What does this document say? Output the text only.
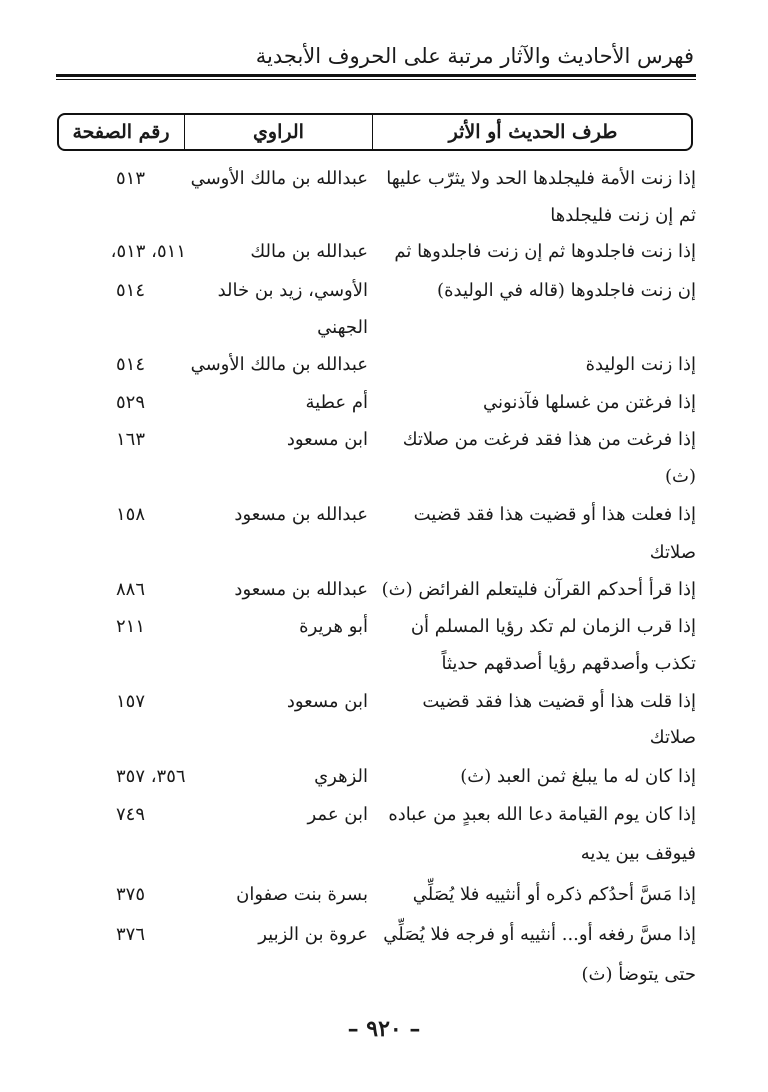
فهرس الأحاديث والآثار مرتبة على الحروف الأبجدية
طرف الحديث أو الأثر
الراوي
رقم الصفحة
إذا زنت الأمة فليجلدها الحد ولا يثرّب عليها
ثم إن زنت فليجلدها
عبدالله بن مالك الأوسي
٥١٣
إذا زنت فاجلدوها ثم إن زنت فاجلدوها ثم
إن زنت فاجلدوها (قاله في الوليدة)
عبدالله بن مالك
الأوسي، زيد بن خالد
الجهني
٥١١، ٥١٣،
٥١٤
إذا زنت الوليدة
عبدالله بن مالك الأوسي
٥١٤
إذا فرغتن من غسلها فآذنوني
أم عطية
٥٢٩
إذا فرغت من هذا فقد فرغت من صلاتك
(ث)
ابن مسعود
١٦٣
إذا فعلت هذا أو قضيت هذا فقد قضيت
صلاتك
عبدالله بن مسعود
١٥٨
إذا قرأ أحدكم القرآن فليتعلم الفرائض (ث)
عبدالله بن مسعود
٨٨٦
إذا قرب الزمان لم تكد رؤيا المسلم أن
تكذب وأصدقهم رؤيا أصدقهم حديثاً
أبو هريرة
٢١١
إذا قلت هذا أو قضيت هذا فقد قضيت
صلاتك
ابن مسعود
١٥٧
إذا كان له ما يبلغ ثمن العبد (ث)
الزهري
٣٥٦، ٣٥٧
إذا كان يوم القيامة دعا الله بعبدٍ من عباده
فيوقف بين يديه
ابن عمر
٧٤٩
إذا مَسَّ أحدُكم ذكره أو أنثييه فلا يُصَلِّي
بسرة بنت صفوان
٣٧٥
إذا مسَّ رفغه أو... أنثييه أو فرجه فلا يُصَلِّي
حتى يتوضأ (ث)
عروة بن الزبير
٣٧٦
– ٩٢٠ –
